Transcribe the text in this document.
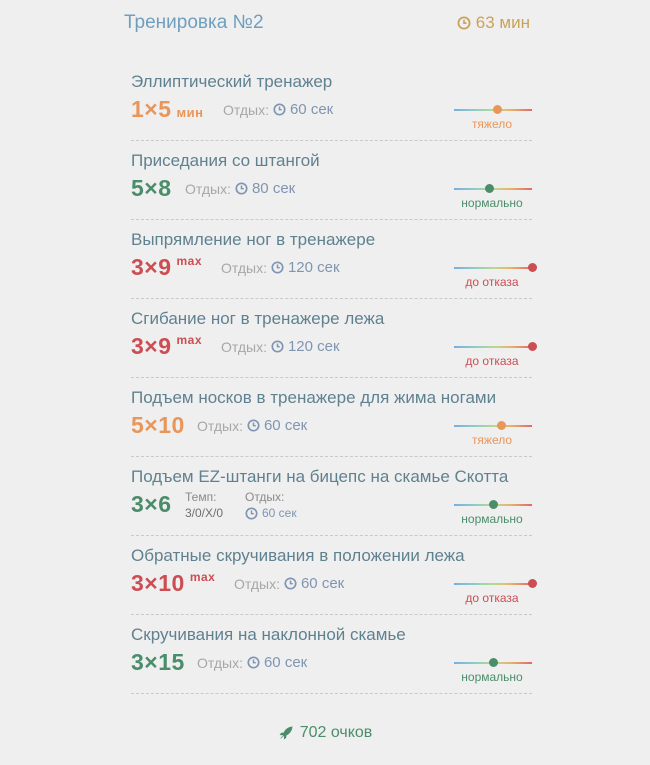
Тренировка №2	63 мин
Эллиптический тренажер
1×5 мин Отдых: 60 сек
тяжело
Приседания со штангой
5×8 Отдых: 80 сек
нормально
Выпрямление ног в тренажере
3×9 $^{max}$ Отдых: 120 сек
до отказа
Сгибание ног в тренажере лежа
3×9 $^{max}$ Отдых: 120 сек
до отказа
Подъем носков в тренажере для жима ногами
5×10 Отдых: 60 сек
тяжело
Подъем EZ-штанги на бицепс на скамье Скотта
3×6 Темп:
3/0/X/0
Отдых:
60 сек	нормально
Обратные скручивания в положении лежа
3×10 $^{max}$ Отдых: 60 сек
до отказа
Скручивания на наклонной скамье
3×15 Отдых: 60 сек
нормально
702 очков
